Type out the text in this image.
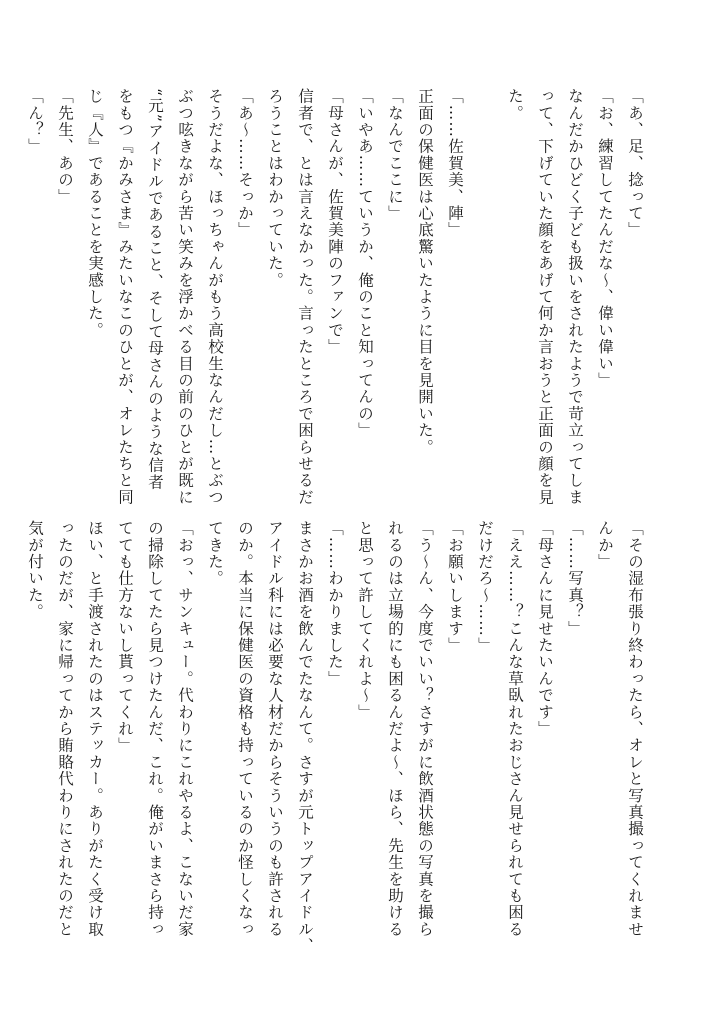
「あ、足、捻って」

「お、練習してたんだな〜、偉い偉い」

なんだかひどく子ども扱いをされたようで苛立ってしま

って、下げていた顔をあげて何か言おうと正面の顔を見

た。

「……佐賀美、陣」

正面の保健医は心底驚いたように目を見開いた。

「なんでここに」

「いやあ……ていうか、俺のこと知ってんの」

「母さんが、佐賀美陣のファンで」

信者で、とは言えなかった。言ったところで困らせるだ

ろうことはわかっていた。

「あ〜……そっか」

そうだよな、ほっちゃんがもう高校生なんだし…とぶつ

ぶつ呟きながら苦い笑みを浮かべる目の前のひとが既に

“元”アイドルであること、そして母さんのような信者

をもつ『かみさま』みたいなこのひとが、オレたちと同

じ『人』であることを実感した。

「先生、あの」

「ん？」

「その湿布張り終わったら、オレと写真撮ってくれませ

んか」

「……写真？」

「母さんに見せたいんです」

「ええ……？こんな草臥れたおじさん見せられても困る

だけだろ〜……」

「お願いします」

「う〜ん、今度でいい？さすがに飲酒状態の写真を撮ら

れるのは立場的にも困るんだよ〜、ほら、先生を助ける

と思って許してくれよ〜」

「……わかりました」

まさかお酒を飲んでたなんて。さすが元トップアイドル、

アイドル科には必要な人材だからそういうのも許される

のか。本当に保健医の資格も持っているのか怪しくなっ

てきた。

「おっ、サンキュー。代わりにこれやるよ、こないだ家

の掃除してたら見つけたんだ、これ。俺がいまさら持っ

てても仕方ないし貰ってくれ」

ほい、と手渡されたのはステッカー。ありがたく受け取

ったのだが、家に帰ってから賄賂代わりにされたのだと

気が付いた。
